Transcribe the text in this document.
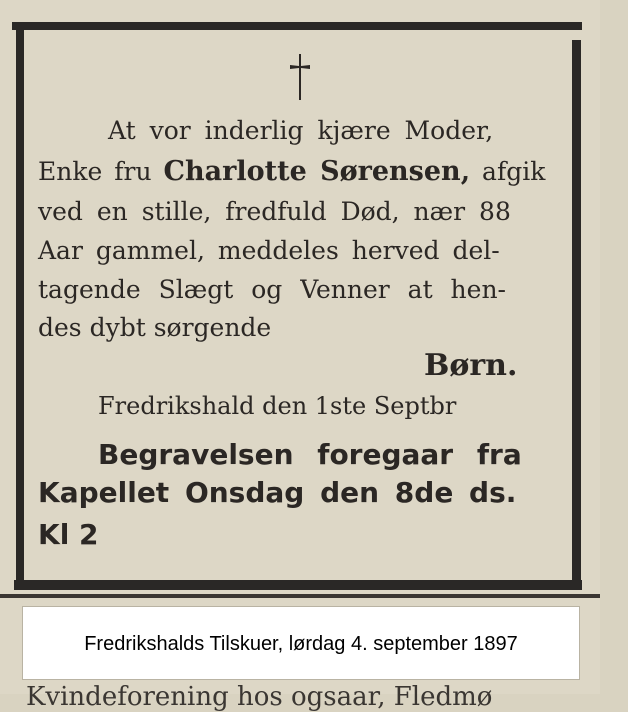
At vor inderlig kjære Moder,
Enke fru Charlotte Sørensen, afgik
ved en stille, fredfuld Død, nær 88
Aar gammel, meddeles herved del-
tagende Slægt og Venner at hen-
des dybt sørgende
Børn.
Fredrikshald den 1ste Septbr
Begravelsen foregaar fra
Kapellet Onsdag den 8de ds.
Kl 2
Fredrikshalds Tilskuer, lørdag 4. september 1897
Kvindeforening hos ogsaar, Fledmø
